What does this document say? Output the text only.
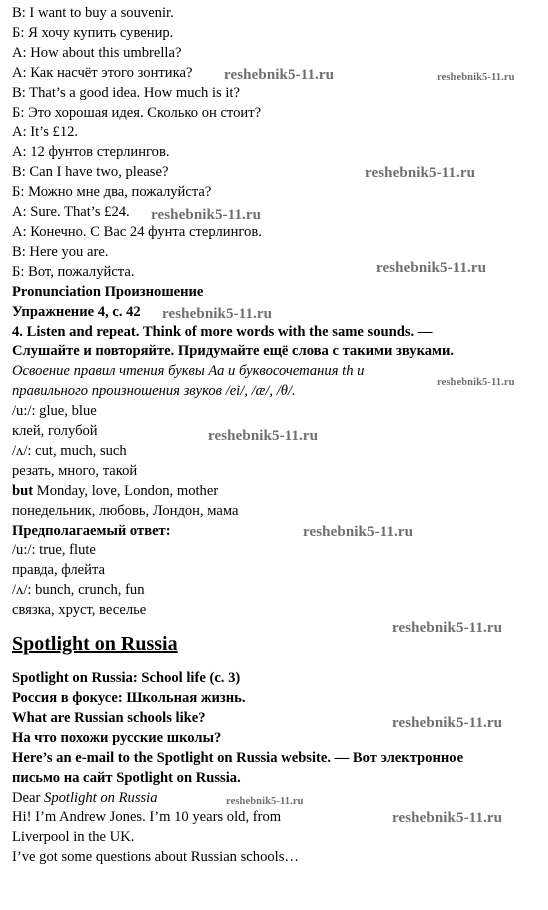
B: I want to buy a souvenir.
Б: Я хочу купить сувенир.
A: How about this umbrella?
А: Как насчёт этого зонтика?
B: That’s a good idea. How much is it?
Б: Это хорошая идея. Сколько он стоит?
A: It’s £12.
А: 12 фунтов стерлингов.
B: Can I have two, please?
Б: Можно мне два, пожалуйста?
A: Sure. That’s £24.
А: Конечно. С Вас 24 фунта стерлингов.
B: Here you are.
Б: Вот, пожалуйста.
Pronunciation Произношение
Упражнение 4, с. 42
4. Listen and repeat. Think of more words with the same sounds. —
Слушайте и повторяйте. Придумайте ещё слова с такими звуками.
Освоение правил чтения буквы Аа и буквосочетания th и
правильного произношения звуков /ei/, /æ/, /θ/.
/u:/: glue, blue
клей, голубой
/ʌ/: cut, much, such
резать, много, такой
but Monday, love, London, mother
понедельник, любовь, Лондон, мама
Предполагаемый ответ:
/u:/: true, flute
правда, флейта
/ʌ/: bunch, crunch, fun
связка, хруст, веселье
Spotlight on Russia
Spotlight on Russia: School life (с. 3)
Россия в фокусе: Школьная жизнь.
What are Russian schools like?
На что похожи русские школы?
Here’s an e-mail to the Spotlight on Russia website. — Вот электронное
письмо на сайт Spotlight on Russia.
Dear Spotlight on Russia
Hi! I’m Andrew Jones. I’m 10 years old, from
Liverpool in the UK.
I’ve got some questions about Russian schools…
reshebnik5-11.ru	reshebnik5-11.ru
reshebnik5-11.ru
reshebnik5-11.ru
reshebnik5-11.ru
reshebnik5-11.ru
reshebnik5-11.ru
reshebnik5-11.ru
reshebnik5-11.ru
reshebnik5-11.ru
reshebnik5-11.ru
reshebnik5-11.ru
reshebnik5-11.ru
